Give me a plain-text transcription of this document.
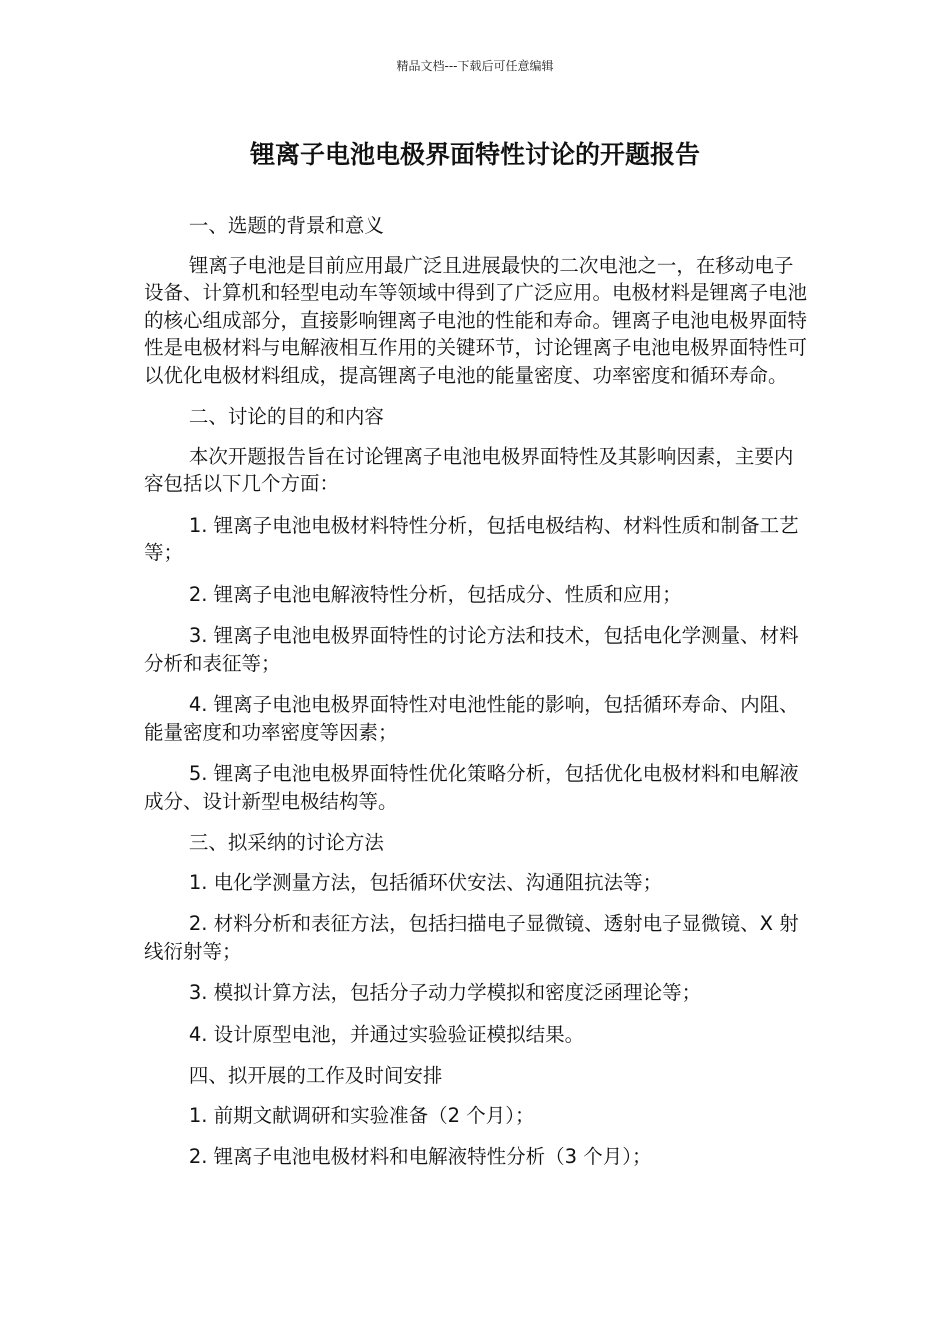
精品文档---下载后可任意编辑
锂离子电池电极界面特性讨论的开题报告

一、选题的背景和意义

锂离子电池是目前应用最广泛且进展最快的二次电池之一，在移动电子设备、计算机和轻型电动车等领域中得到了广泛应用。电极材料是锂离子电池的核心组成部分，直接影响锂离子电池的性能和寿命。锂离子电池电极界面特性是电极材料与电解液相互作用的关键环节，讨论锂离子电池电极界面特性可以优化电极材料组成，提高锂离子电池的能量密度、功率密度和循环寿命。

二、讨论的目的和内容

本次开题报告旨在讨论锂离子电池电极界面特性及其影响因素，主要内容包括以下几个方面：

1. 锂离子电池电极材料特性分析，包括电极结构、材料性质和制备工艺等；

2. 锂离子电池电解液特性分析，包括成分、性质和应用；

3. 锂离子电池电极界面特性的讨论方法和技术，包括电化学测量、材料分析和表征等；

4. 锂离子电池电极界面特性对电池性能的影响，包括循环寿命、内阻、能量密度和功率密度等因素；

5. 锂离子电池电极界面特性优化策略分析，包括优化电极材料和电解液成分、设计新型电极结构等。

三、拟采纳的讨论方法

1. 电化学测量方法，包括循环伏安法、沟通阻抗法等；

2. 材料分析和表征方法，包括扫描电子显微镜、透射电子显微镜、X 射线衍射等；

3. 模拟计算方法，包括分子动力学模拟和密度泛函理论等；

4. 设计原型电池，并通过实验验证模拟结果。

四、拟开展的工作及时间安排

1. 前期文献调研和实验准备（2 个月）；

2. 锂离子电池电极材料和电解液特性分析（3 个月）；
